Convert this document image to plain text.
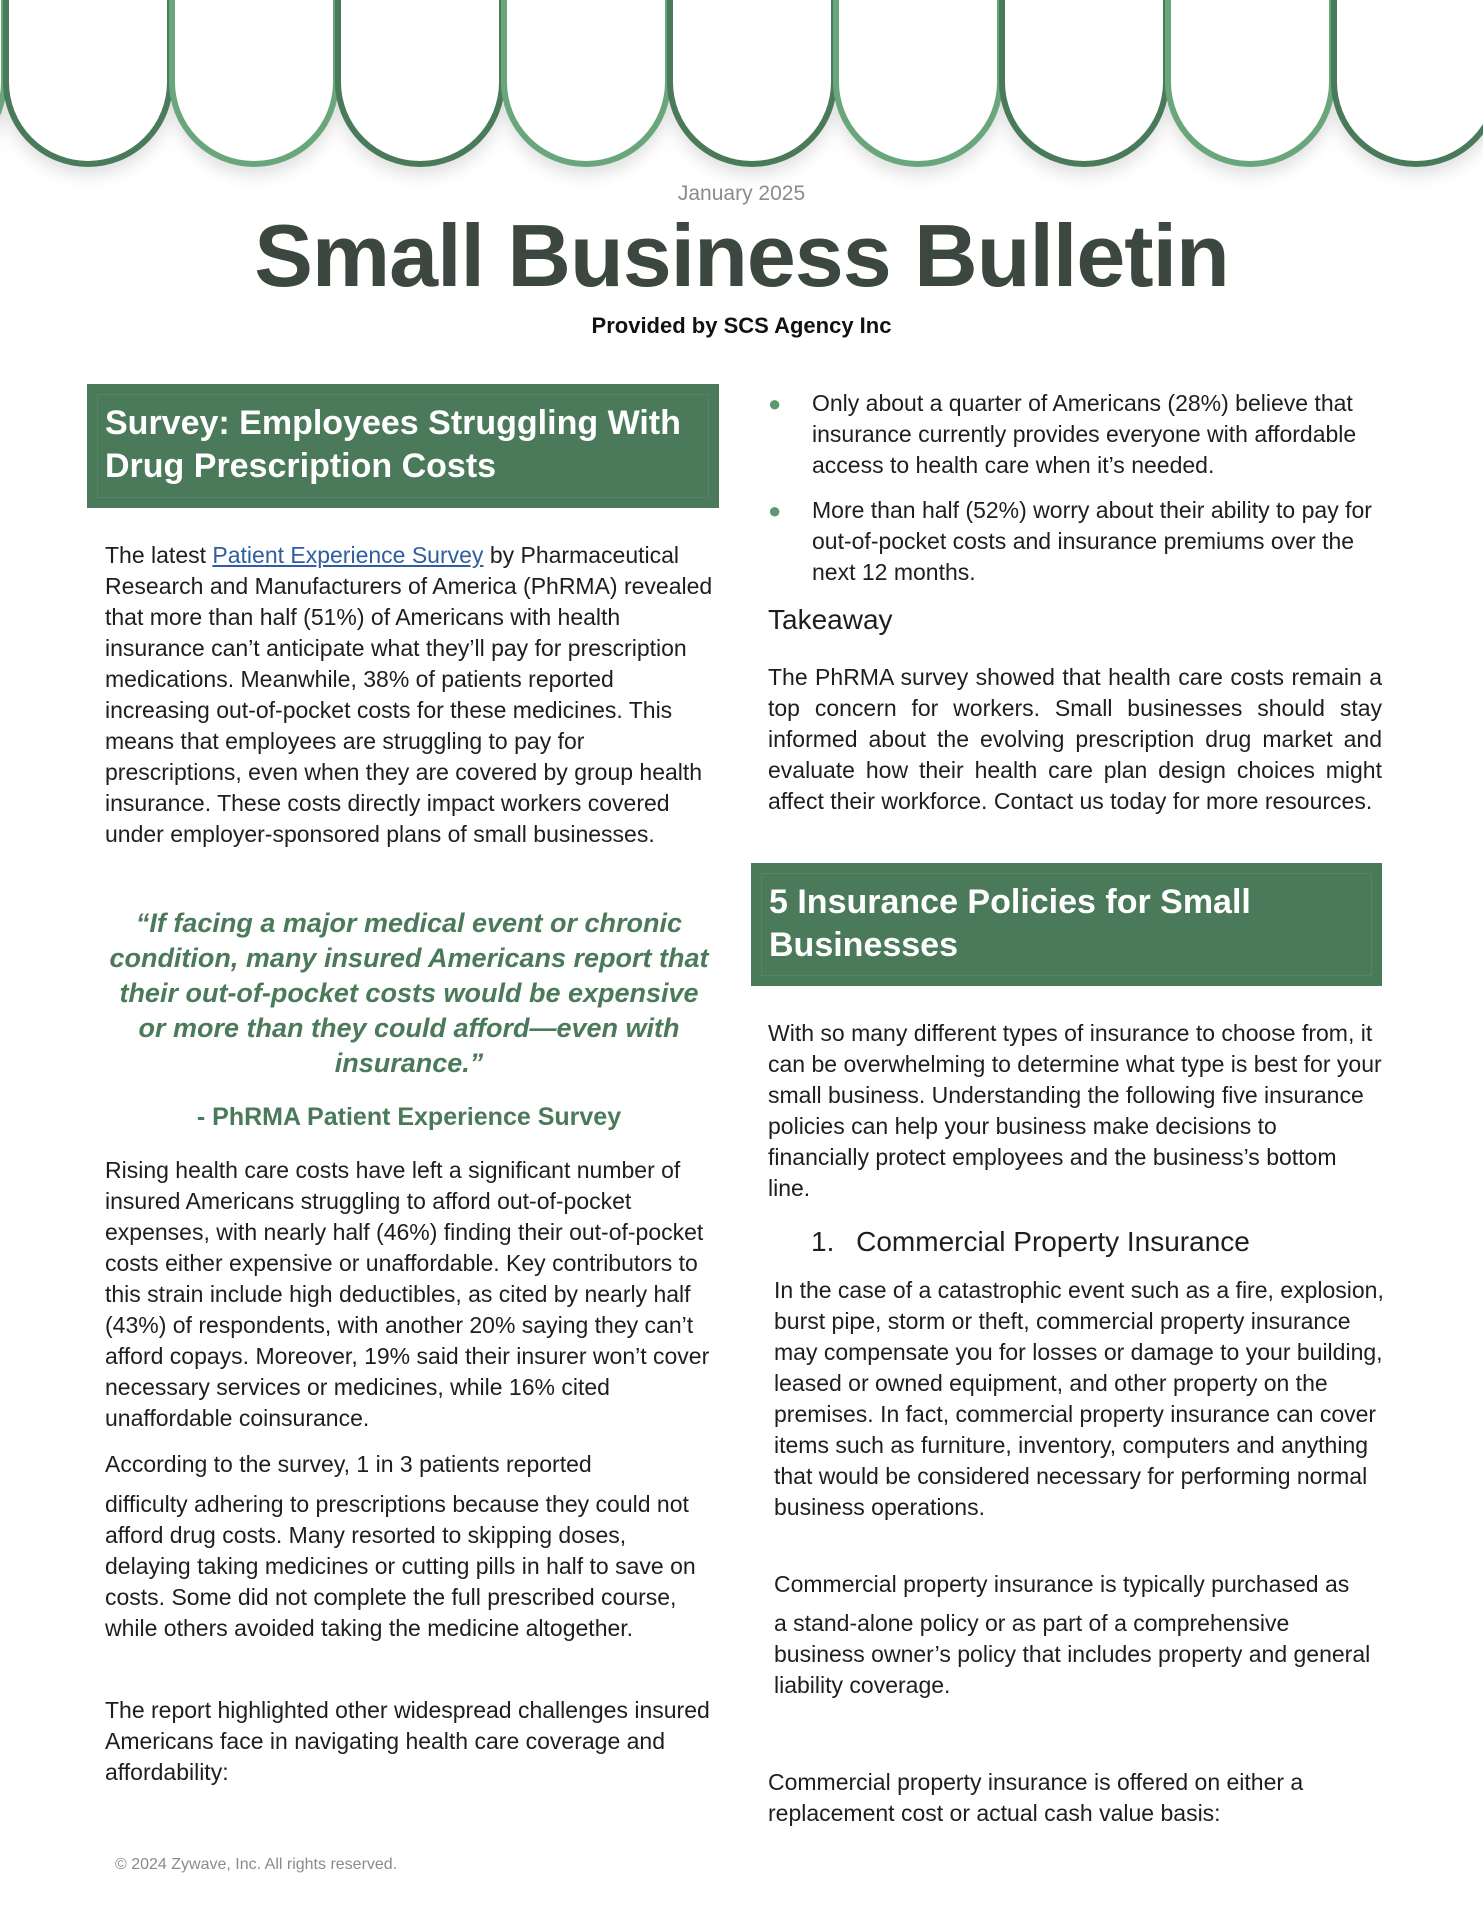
January 2025
Small Business Bulletin
Provided by SCS Agency Inc
Survey: Employees Struggling With
Drug Prescription Costs
The latest Patient Experience Survey by Pharmaceutical Research and Manufacturers of America (PhRMA) revealed that more than half (51%) of Americans with health insurance can’t anticipate what they’ll pay for prescription medications. Meanwhile, 38% of patients reported increasing out-of-pocket costs for these medicines. This means that employees are struggling to pay for prescriptions, even when they are covered by group health insurance. These costs directly impact workers covered under employer-sponsored plans of small businesses.
“If facing a major medical event or chronic condition, many insured Americans report that their out-of-pocket costs would be expensive or more than they could afford—even with insurance.”
- PhRMA Patient Experience Survey
Rising health care costs have left a significant number of insured Americans struggling to afford out-of-pocket expenses, with nearly half (46%) finding their out-of-pocket costs either expensive or unaffordable. Key contributors to this strain include high deductibles, as cited by nearly half (43%) of respondents, with another 20% saying they can’t afford copays. Moreover, 19% said their insurer won’t cover necessary services or medicines, while 16% cited unaffordable coinsurance.
According to the survey, 1 in 3 patients reported
difficulty adhering to prescriptions because they could not afford drug costs. Many resorted to skipping doses, delaying taking medicines or cutting pills in half to save on costs. Some did not complete the full prescribed course, while others avoided taking the medicine altogether.
The report highlighted other widespread challenges insured Americans face in navigating health care coverage and affordability:
● Only about a quarter of Americans (28%) believe that insurance currently provides everyone with affordable access to health care when it’s needed.
● More than half (52%) worry about their ability to pay for out-of-pocket costs and insurance premiums over the next 12 months.
Takeaway
The PhRMA survey showed that health care costs remain a top concern for workers. Small businesses should stay informed about the evolving prescription drug market and evaluate how their health care plan design choices might affect their workforce. Contact us today for more resources.
5 Insurance Policies for Small
Businesses
With so many different types of insurance to choose from, it can be overwhelming to determine what type is best for your small business. Understanding the following five insurance policies can help your business make decisions to financially protect employees and the business’s bottom line.
1. Commercial Property Insurance
In the case of a catastrophic event such as a fire, explosion, burst pipe, storm or theft, commercial property insurance may compensate you for losses or damage to your building, leased or owned equipment, and other property on the premises. In fact, commercial property insurance can cover items such as furniture, inventory, computers and anything that would be considered necessary for performing normal business operations.
Commercial property insurance is typically purchased as
a stand-alone policy or as part of a comprehensive business owner’s policy that includes property and general liability coverage.
Commercial property insurance is offered on either a replacement cost or actual cash value basis:
© 2024 Zywave, Inc. All rights reserved.
